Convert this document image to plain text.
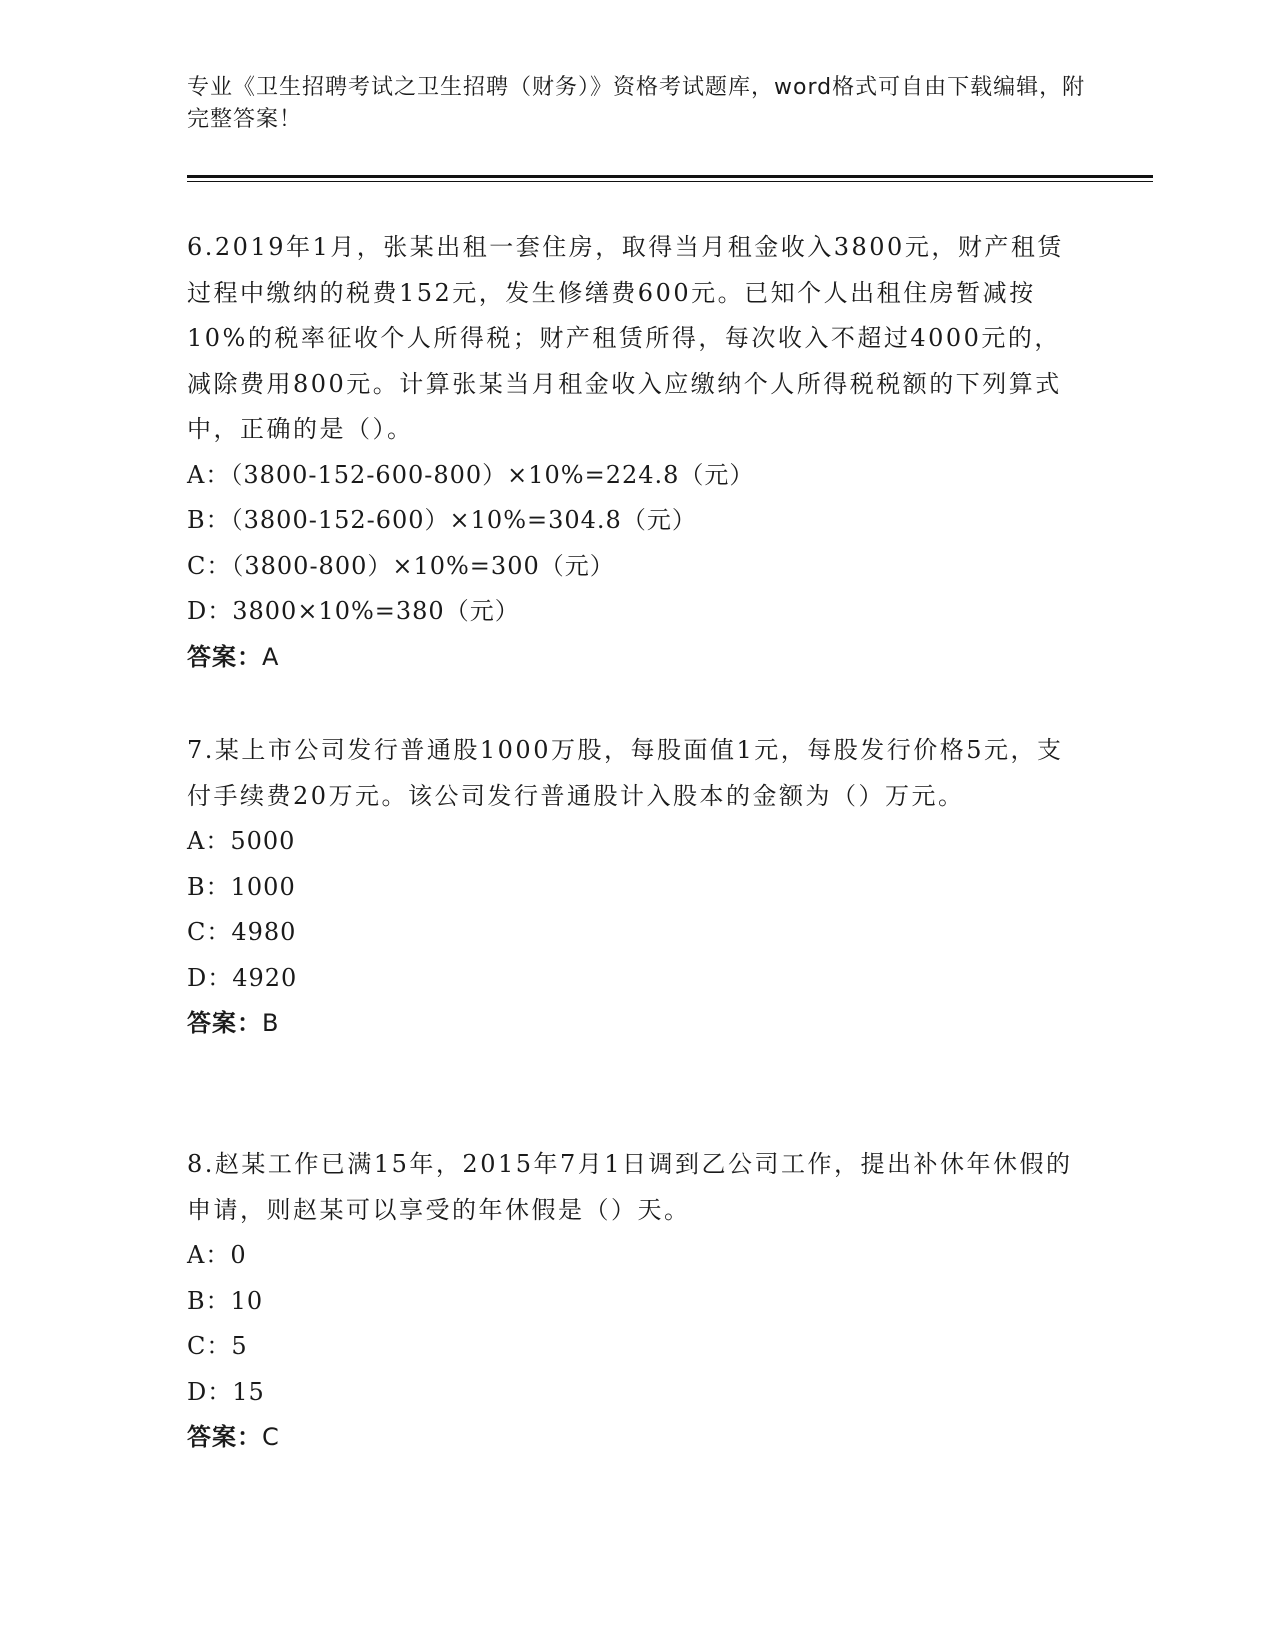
专业《卫生招聘考试之卫生招聘（财务）》资格考试题库，word格式可自由下载编辑，附完整答案！
6.2019年1月，张某出租一套住房，取得当月租金收入3800元，财产租赁过程中缴纳的税费152元，发生修缮费600元。已知个人出租住房暂减按10%的税率征收个人所得税；财产租赁所得，每次收入不超过4000元的，减除费用800元。计算张某当月租金收入应缴纳个人所得税税额的下列算式中，正确的是（）。
A：（3800-152-600-800）×10%=224.8（元）
B：（3800-152-600）×10%=304.8（元）
C：（3800-800）×10%=300（元）
D：3800×10%=380（元）
答案：A
7.某上市公司发行普通股1000万股，每股面值1元，每股发行价格5元，支付手续费20万元。该公司发行普通股计入股本的金额为（）万元。
A：5000
B：1000
C：4980
D：4920
答案：B
8.赵某工作已满15年，2015年7月1日调到乙公司工作，提出补休年休假的申请，则赵某可以享受的年休假是（）天。
A：0
B：10
C：5
D：15
答案：C
